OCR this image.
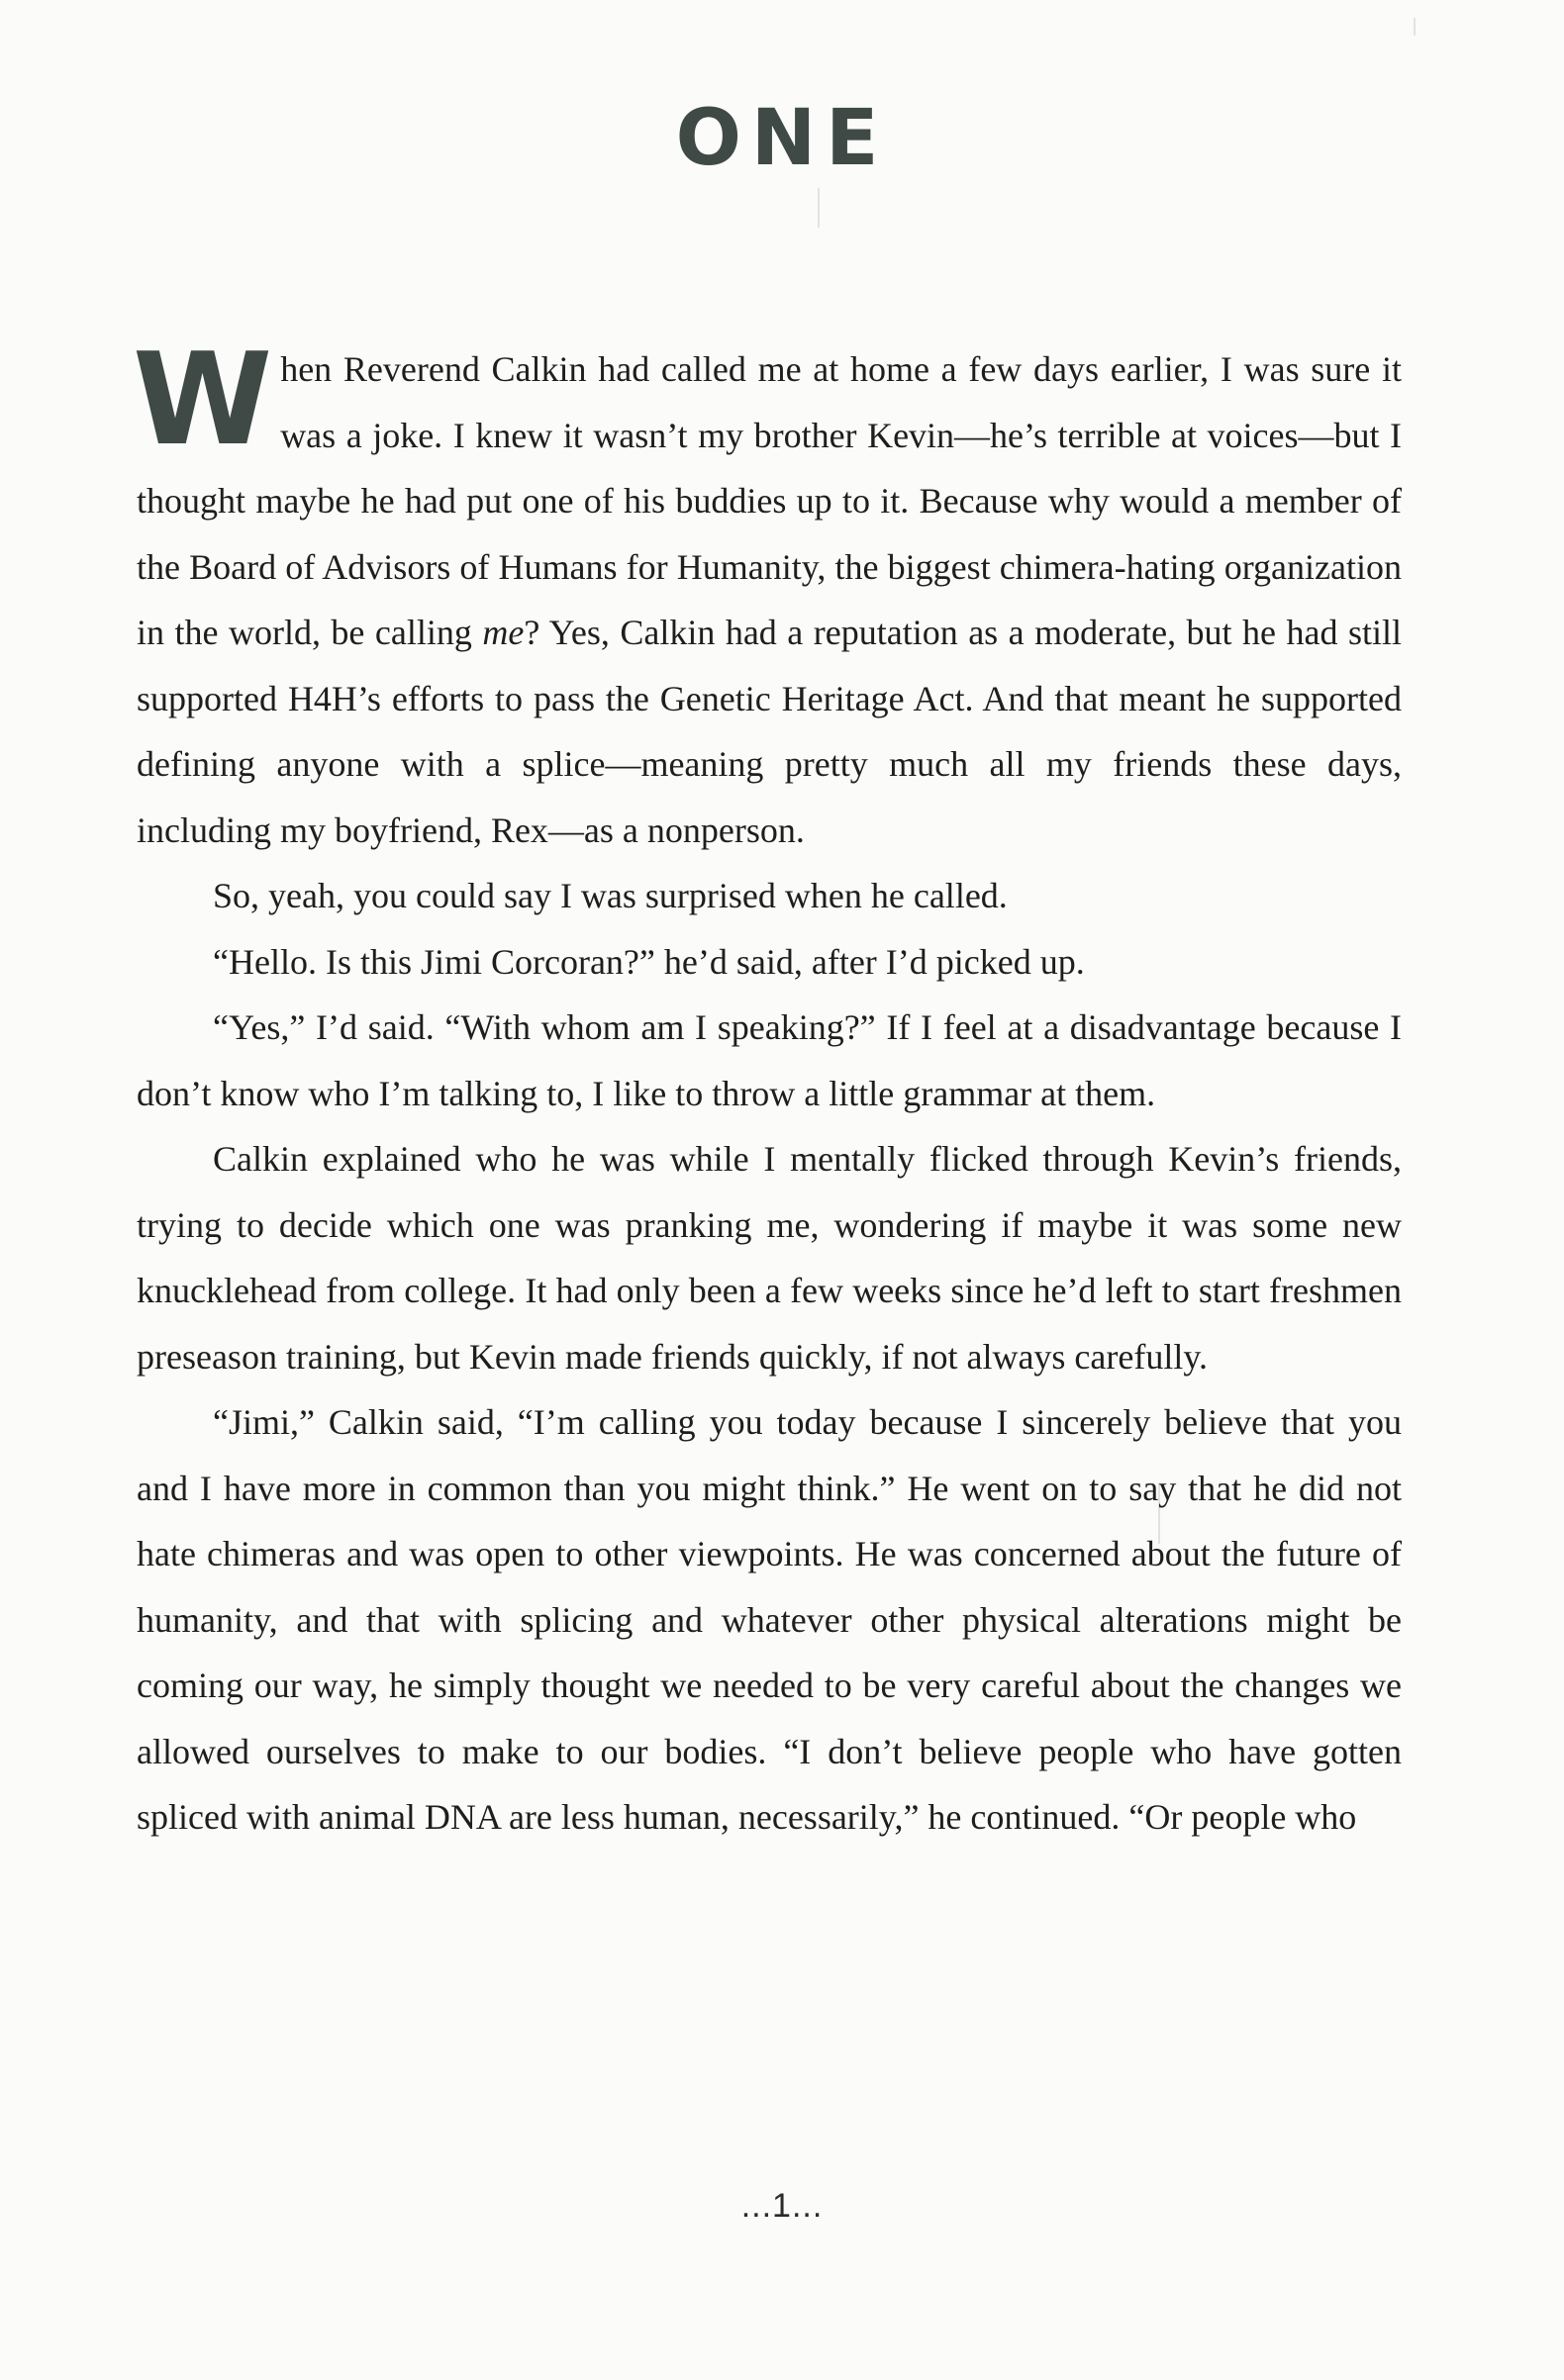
ONE

When Reverend Calkin had called me at home a few days earlier, I was sure it was a joke. I knew it wasn’t my brother Kevin—he’s terrible at voices—but I thought maybe he had put one of his buddies up to it. Because why would a member of the Board of Advisors of Humans for Humanity, the biggest chimera-hating organization in the world, be calling me? Yes, Calkin had a reputation as a moderate, but he had still supported H4H’s efforts to pass the Genetic Heritage Act. And that meant he supported defining anyone with a splice—meaning pretty much all my friends these days, including my boyfriend, Rex—as a nonperson.

So, yeah, you could say I was surprised when he called.

“Hello. Is this Jimi Corcoran?” he’d said, after I’d picked up.

“Yes,” I’d said. “With whom am I speaking?” If I feel at a disadvantage because I don’t know who I’m talking to, I like to throw a little grammar at them.

Calkin explained who he was while I mentally flicked through Kevin’s friends, trying to decide which one was pranking me, wondering if maybe it was some new knucklehead from college. It had only been a few weeks since he’d left to start freshmen preseason training, but Kevin made friends quickly, if not always carefully.

“Jimi,” Calkin said, “I’m calling you today because I sincerely believe that you and I have more in common than you might think.” He went on to say that he did not hate chimeras and was open to other viewpoints. He was concerned about the future of humanity, and that with splicing and whatever other physical alterations might be coming our way, he simply thought we needed to be very careful about the changes we allowed ourselves to make to our bodies. “I don’t believe people who have gotten spliced with animal DNA are less human, necessarily,” he continued. “Or people who

...1...
